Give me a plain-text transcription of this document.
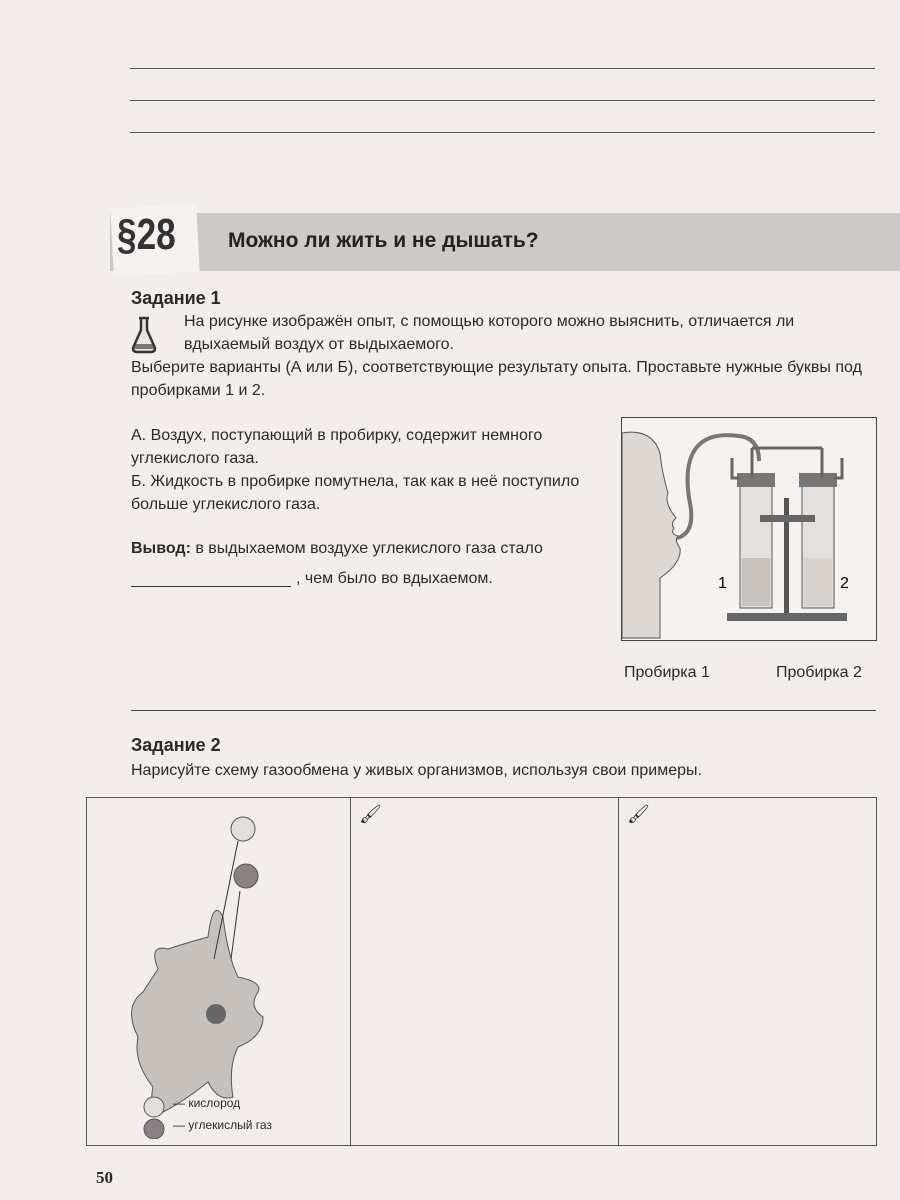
§28 Можно ли жить и не дышать?
Задание 1
На рисунке изображён опыт, с помощью которого можно выяснить, отличается ли вдыхаемый воздух от выдыхаемого.
Выберите варианты (А или Б), соответствующие результату опыта. Проставьте нужные буквы под пробирками 1 и 2.
А. Воздух, поступающий в пробирку, содержит немного углекислого газа.
Б. Жидкость в пробирке помутнела, так как в неё поступило больше углекислого газа.
Вывод: в выдыхаемом воздухе углекислого газа стало
, чем было во вдыхаемом.	1	2
Пробирка 1	Пробирка 2
Задание 2
Нарисуйте схему газообмена у живых организмов, используя свои примеры.
— кислород
— углекислый газ

🖌	🖌
50
